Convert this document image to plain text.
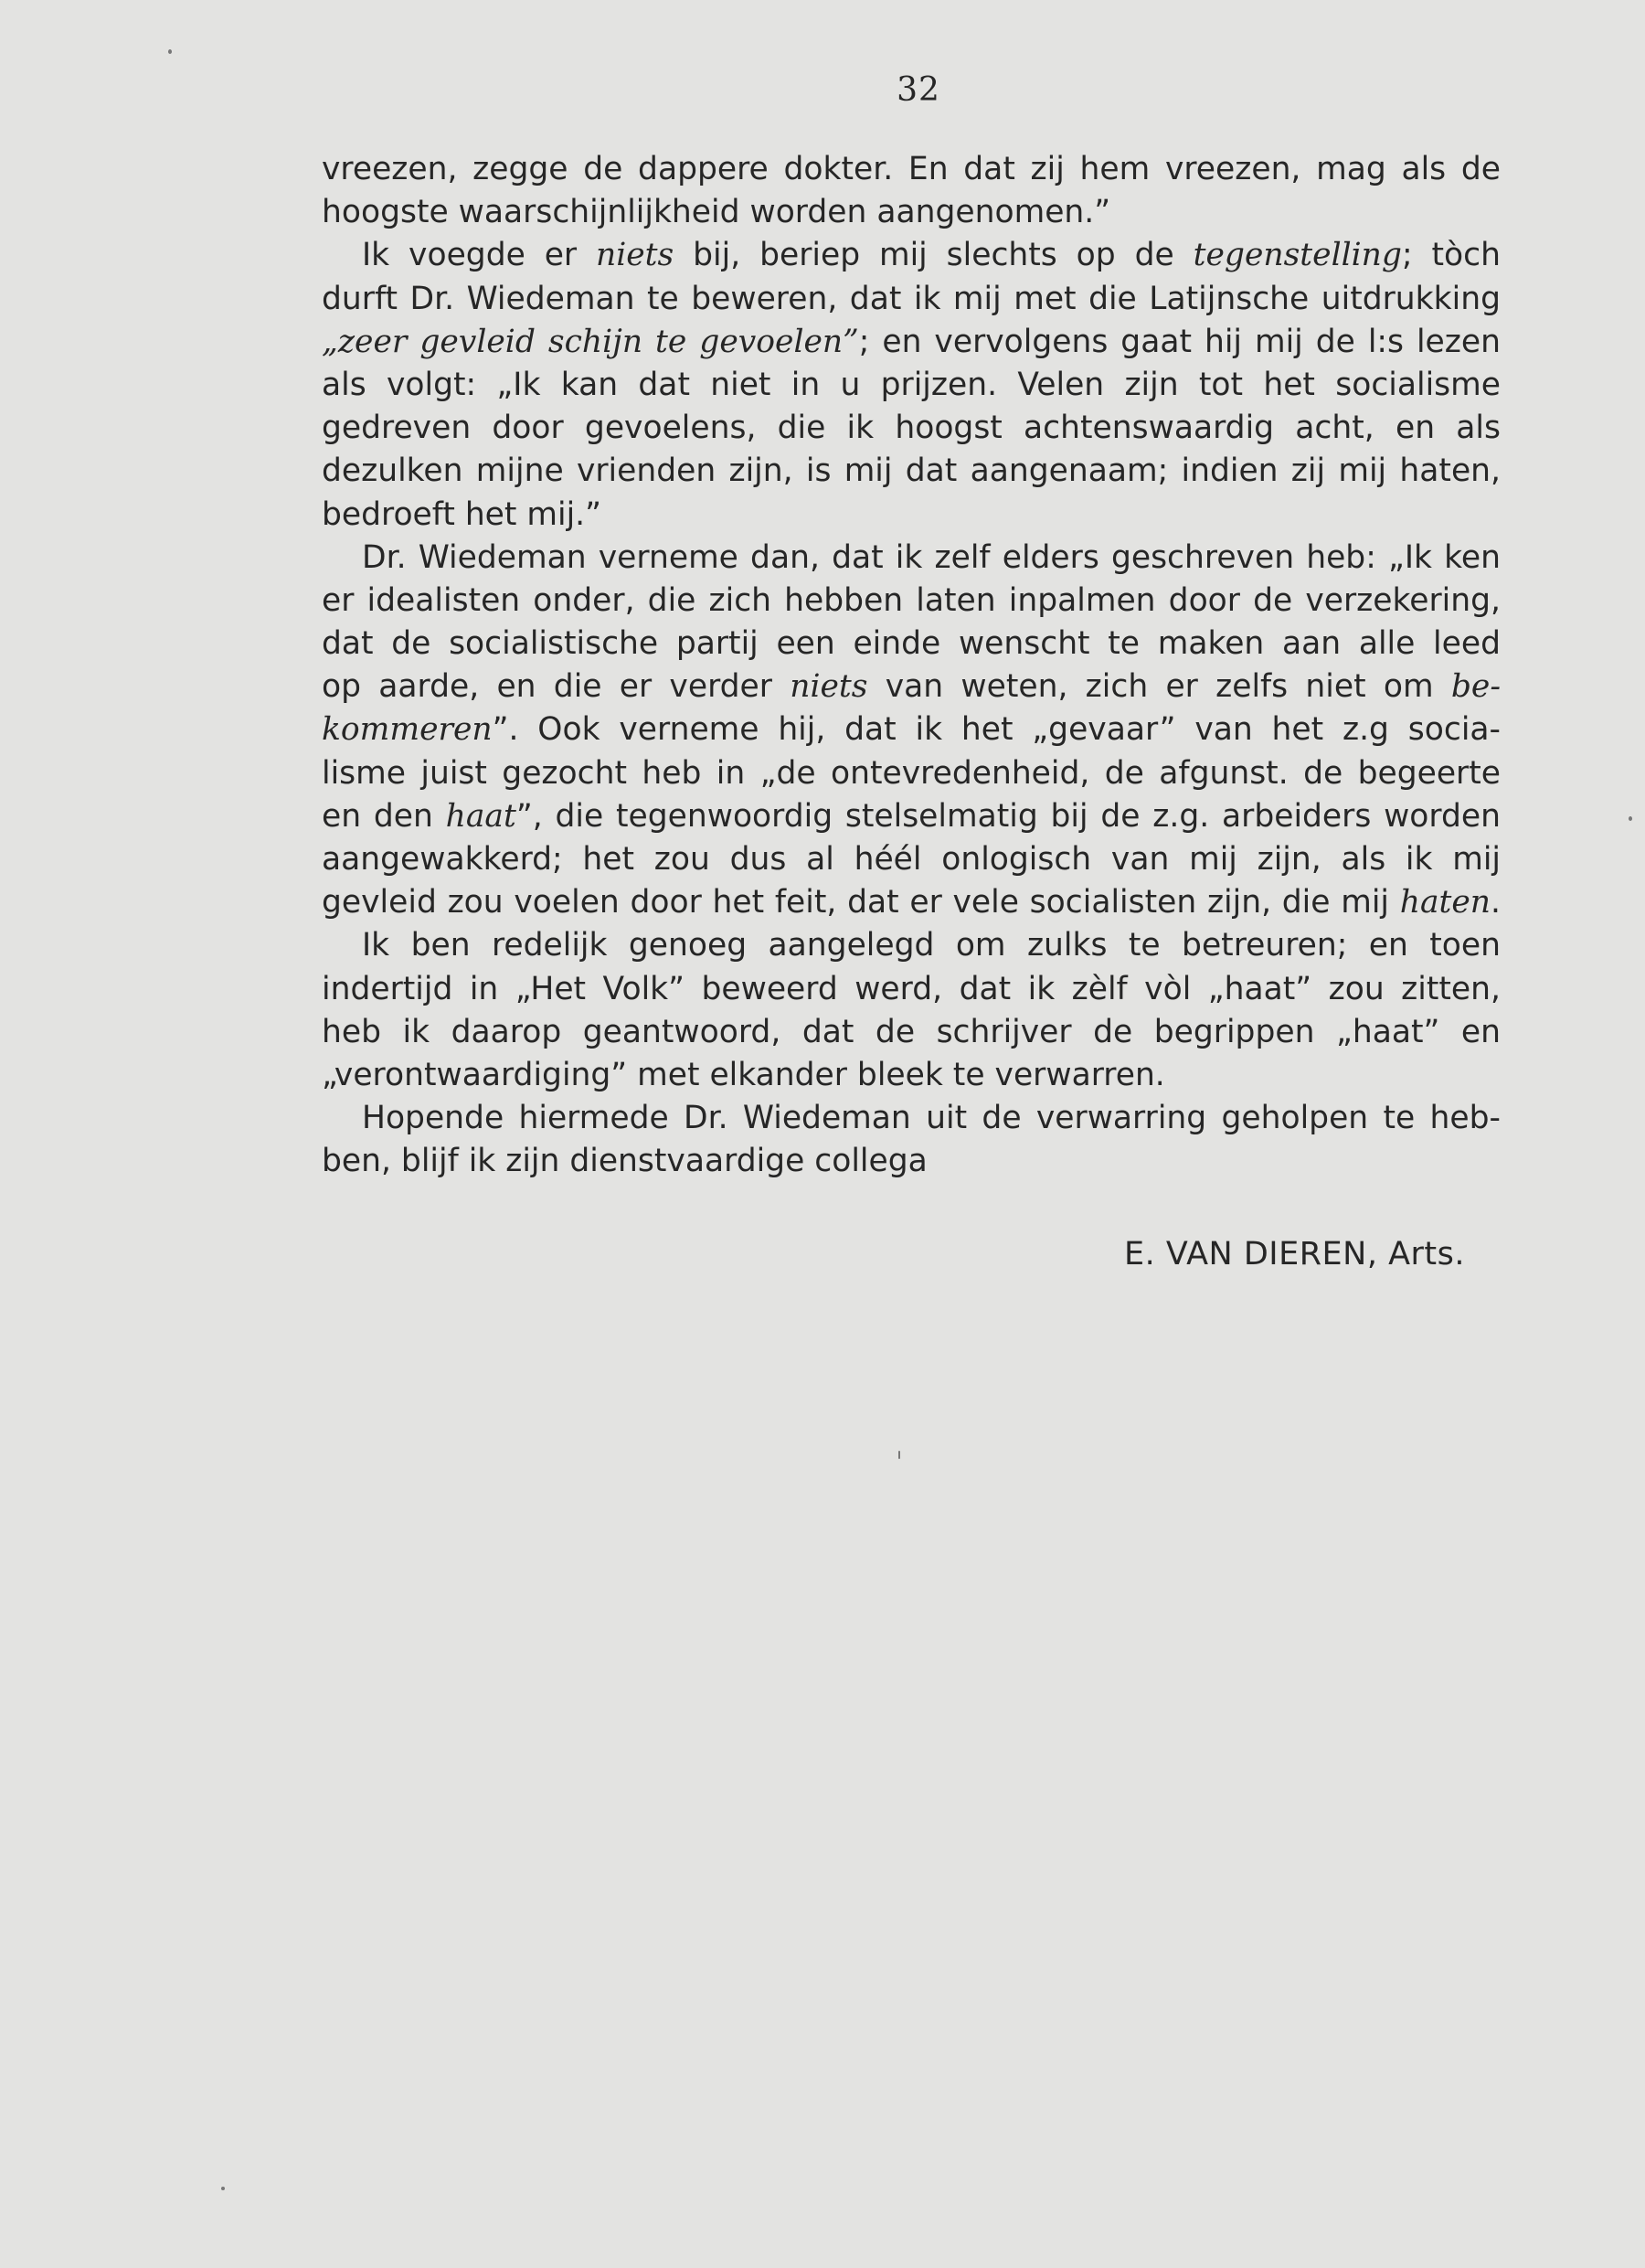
32
vreezen, zegge de dappere dokter. En dat zij hem vreezen, mag als de
hoogste waarschijnlijkheid worden aangenomen.”
Ik voegde er niets bij, beriep mij slechts op de tegenstelling; tòch
durft Dr. Wiedeman te beweren, dat ik mij met die Latijnsche uitdrukking
„zeer gevleid schijn te gevoelen”; en vervolgens gaat hij mij de l:s lezen
als volgt: „Ik kan dat niet in u prijzen. Velen zijn tot het socialisme
gedreven door gevoelens, die ik hoogst achtenswaardig acht, en als
dezulken mijne vrienden zijn, is mij dat aangenaam; indien zij mij haten,
bedroeft het mij.”
Dr. Wiedeman verneme dan, dat ik zelf elders geschreven heb: „Ik ken
er idealisten onder, die zich hebben laten inpalmen door de verzekering,
dat de socialistische partij een einde wenscht te maken aan alle leed
op aarde, en die er verder niets van weten, zich er zelfs niet om be-
kommeren”. Ook verneme hij, dat ik het „gevaar” van het z.g socia-
lisme juist gezocht heb in „de ontevredenheid, de afgunst. de begeerte
en den haat”, die tegenwoordig stelselmatig bij de z.g. arbeiders worden
aangewakkerd; het zou dus al héél onlogisch van mij zijn, als ik mij
gevleid zou voelen door het feit, dat er vele socialisten zijn, die mij haten.
Ik ben redelijk genoeg aangelegd om zulks te betreuren; en toen
indertijd in „Het Volk” beweerd werd, dat ik zèlf vòl „haat” zou zitten,
heb ik daarop geantwoord, dat de schrijver de begrippen „haat” en
„verontwaardiging” met elkander bleek te verwarren.
Hopende hiermede Dr. Wiedeman uit de verwarring geholpen te heb-
ben, blijf ik zijn dienstvaardige collega
E. VAN DIEREN, Arts.
